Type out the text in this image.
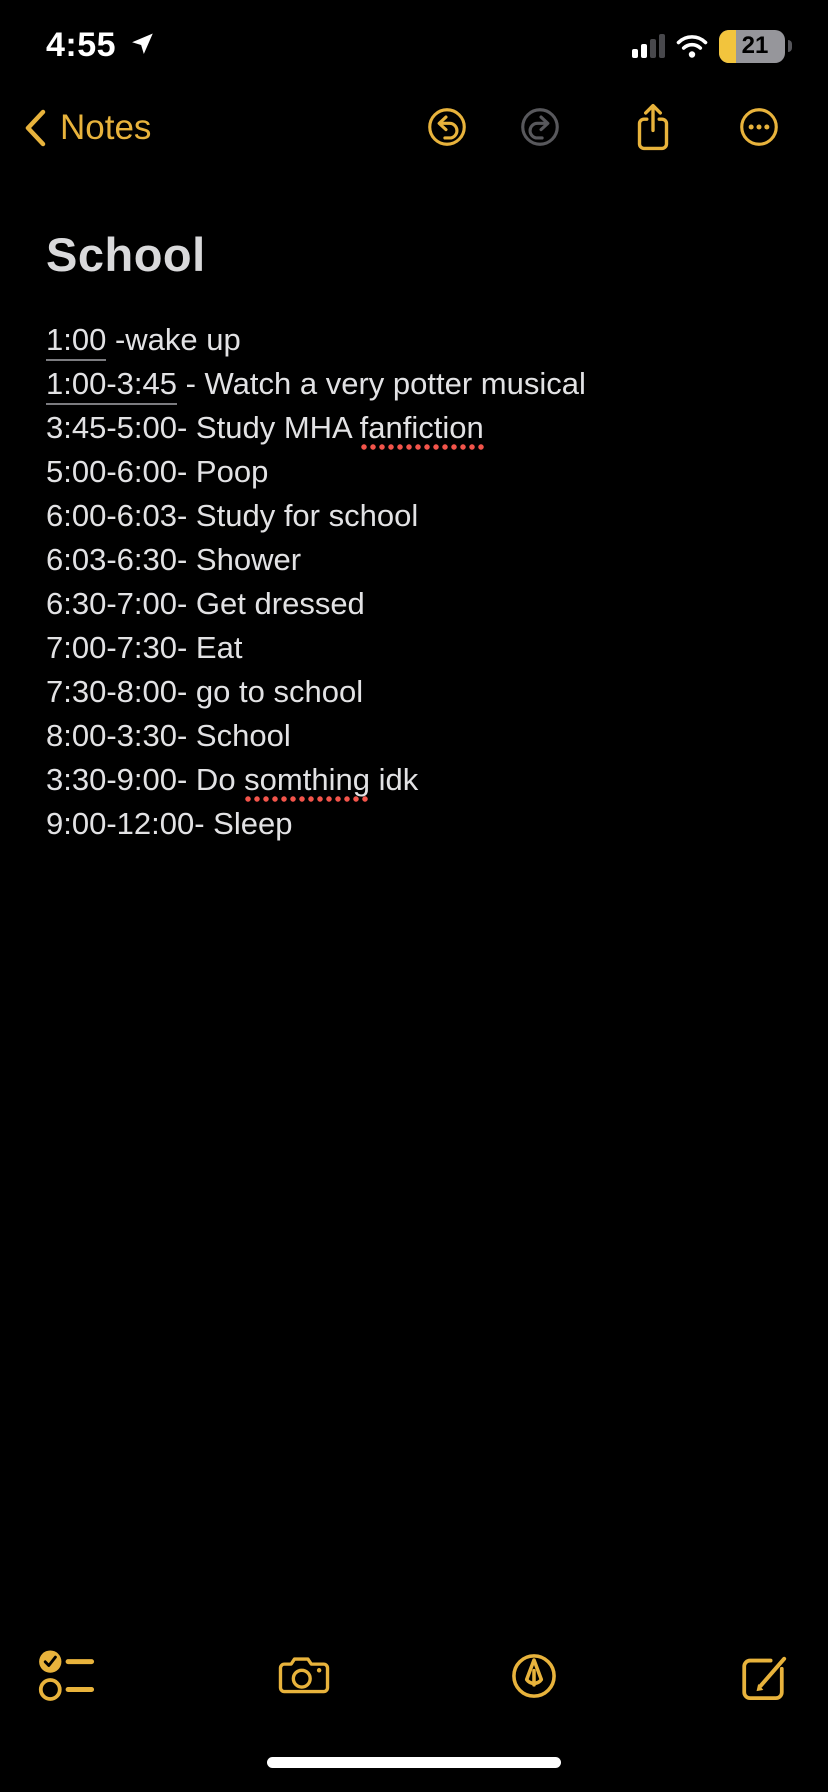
4:55	21
Notes
School
1:00 -wake up
1:00-3:45 - Watch a very potter musical
3:45-5:00- Study MHA fanfiction
5:00-6:00- Poop
6:00-6:03- Study for school
6:03-6:30- Shower
6:30-7:00- Get dressed
7:00-7:30- Eat
7:30-8:00- go to school
8:00-3:30- School
3:30-9:00- Do somthing idk
9:00-12:00- Sleep
